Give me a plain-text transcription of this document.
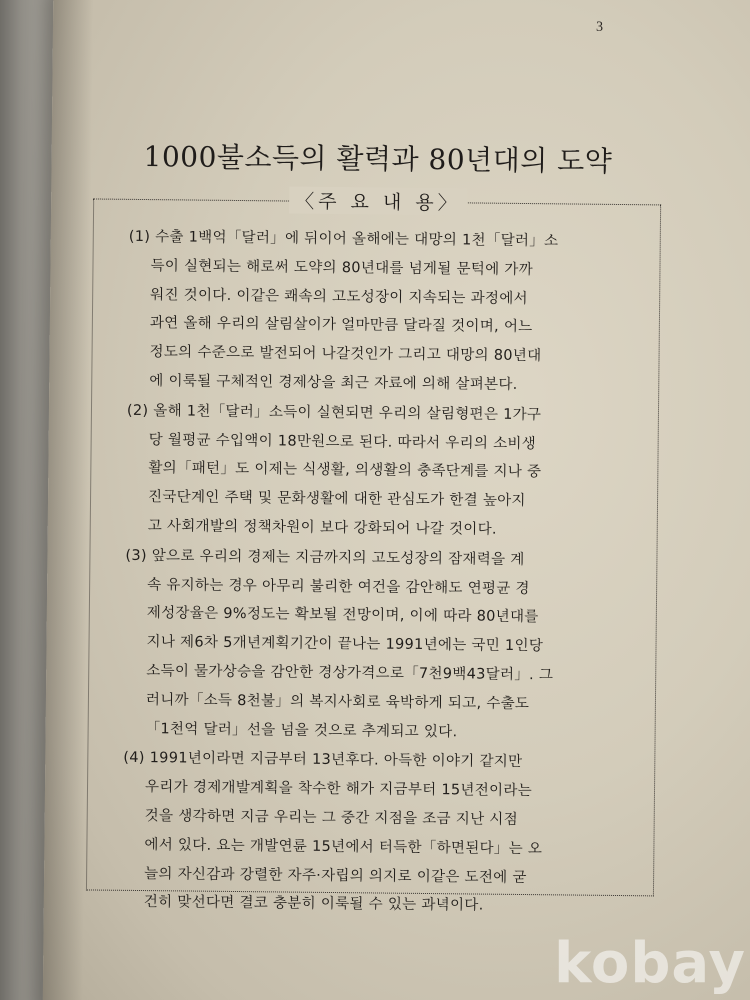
3
1000불소득의 활력과 80년대의 도약
〈주 요 내 용〉
(1) 수출 1백억「달러」에 뒤이어 올해에는 대망의 1천「달러」소
득이 실현되는 해로써 도약의 80년대를 넘게될 문턱에 가까
워진 것이다. 이같은 쾌속의 고도성장이 지속되는 과정에서
과연 올해 우리의 살림살이가 얼마만큼 달라질 것이며, 어느
정도의 수준으로 발전되어 나갈것인가 그리고 대망의 80년대
에 이룩될 구체적인 경제상을 최근 자료에 의해 살펴본다.
(2) 올해 1천「달러」소득이 실현되면 우리의 살림형편은 1가구
당 월평균 수입액이 18만원으로 된다. 따라서 우리의 소비생
활의「패턴」도 이제는 식생활, 의생활의 충족단계를 지나 중
진국단계인 주택 및 문화생활에 대한 관심도가 한결 높아지
고 사회개발의 정책차원이 보다 강화되어 나갈 것이다.
(3) 앞으로 우리의 경제는 지금까지의 고도성장의 잠재력을 계
속 유지하는 경우 아무리 불리한 여건을 감안해도 연평균 경
제성장율은 9%정도는 확보될 전망이며, 이에 따라 80년대를
지나 제6차 5개년계획기간이 끝나는 1991년에는 국민 1인당
소득이 물가상승을 감안한 경상가격으로「7천9백43달러」. 그
러니까「소득 8천불」의 복지사회로 육박하게 되고, 수출도
「1천억 달러」선을 넘을 것으로 추계되고 있다.
(4) 1991년이라면 지금부터 13년후다. 아득한 이야기 같지만
우리가 경제개발계획을 착수한 해가 지금부터 15년전이라는
것을 생각하면 지금 우리는 그 중간 지점을 조금 지난 시점
에서 있다. 요는 개발연륜 15년에서 터득한「하면된다」는 오
늘의 자신감과 강렬한 자주·자립의 의지로 이같은 도전에 굳
건히 맞선다면 결코 충분히 이룩될 수 있는 과녁이다.
kobay
